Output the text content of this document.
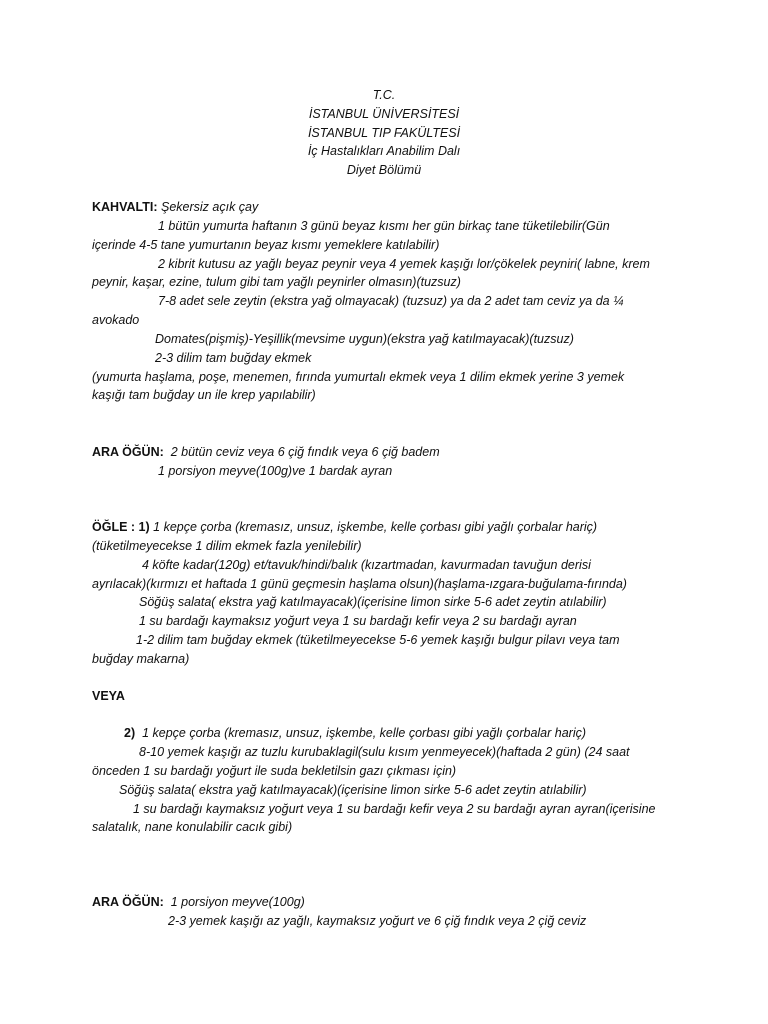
T.C.
İSTANBUL ÜNİVERSİTESİ
İSTANBUL TIP FAKÜLTESİ
İç Hastalıkları Anabilim Dalı
Diyet Bölümü
KAHVALTI: Şekersiz açık çay
1 bütün yumurta haftanın 3 günü beyaz kısmı her gün birkaç tane tüketilebilir(Gün
içerinde 4-5 tane yumurtanın beyaz kısmı yemeklere katılabilir)
2 kibrit kutusu az yağlı beyaz peynir veya 4 yemek kaşığı lor/çökelek peyniri( labne, krem
peynir, kaşar, ezine, tulum gibi tam yağlı peynirler olmasın)(tuzsuz)
7-8 adet sele zeytin (ekstra yağ olmayacak) (tuzsuz) ya da 2 adet tam ceviz ya da ¼
avokado
Domates(pişmiş)-Yeşillik(mevsime uygun)(ekstra yağ katılmayacak)(tuzsuz)
2-3 dilim tam buğday ekmek
(yumurta haşlama, poşe, menemen, fırında yumurtalı ekmek veya 1 dilim ekmek yerine 3 yemek
kaşığı tam buğday un ile krep yapılabilir)
ARA ÖĞÜN: 2 bütün ceviz veya 6 çiğ fındık veya 6 çiğ badem
1 porsiyon meyve(100g)ve 1 bardak ayran
ÖĞLE : 1) 1 kepçe çorba (kremasız, unsuz, işkembe, kelle çorbası gibi yağlı çorbalar hariç)
(tüketilmeyecekse 1 dilim ekmek fazla yenilebilir)
4 köfte kadar(120g) et/tavuk/hindi/balık (kızartmadan, kavurmadan tavuğun derisi
ayrılacak)(kırmızı et haftada 1 günü geçmesin haşlama olsun)(haşlama-ızgara-buğulama-fırında)
Söğüş salata( ekstra yağ katılmayacak)(içerisine limon sirke 5-6 adet zeytin atılabilir)
1 su bardağı kaymaksız yoğurt veya 1 su bardağı kefir veya 2 su bardağı ayran
1-2 dilim tam buğday ekmek (tüketilmeyecekse 5-6 yemek kaşığı bulgur pilavı veya tam
buğday makarna)
VEYA
2) 1 kepçe çorba (kremasız, unsuz, işkembe, kelle çorbası gibi yağlı çorbalar hariç)
8-10 yemek kaşığı az tuzlu kurubaklagil(sulu kısım yenmeyecek)(haftada 2 gün) (24 saat
önceden 1 su bardağı yoğurt ile suda bekletilsin gazı çıkması için)
Söğüş salata( ekstra yağ katılmayacak)(içerisine limon sirke 5-6 adet zeytin atılabilir)
1 su bardağı kaymaksız yoğurt veya 1 su bardağı kefir veya 2 su bardağı ayran ayran(içerisine
salatalık, nane konulabilir cacık gibi)
ARA ÖĞÜN: 1 porsiyon meyve(100g)
2-3 yemek kaşığı az yağlı, kaymaksız yoğurt ve 6 çiğ fındık veya 2 çiğ ceviz
